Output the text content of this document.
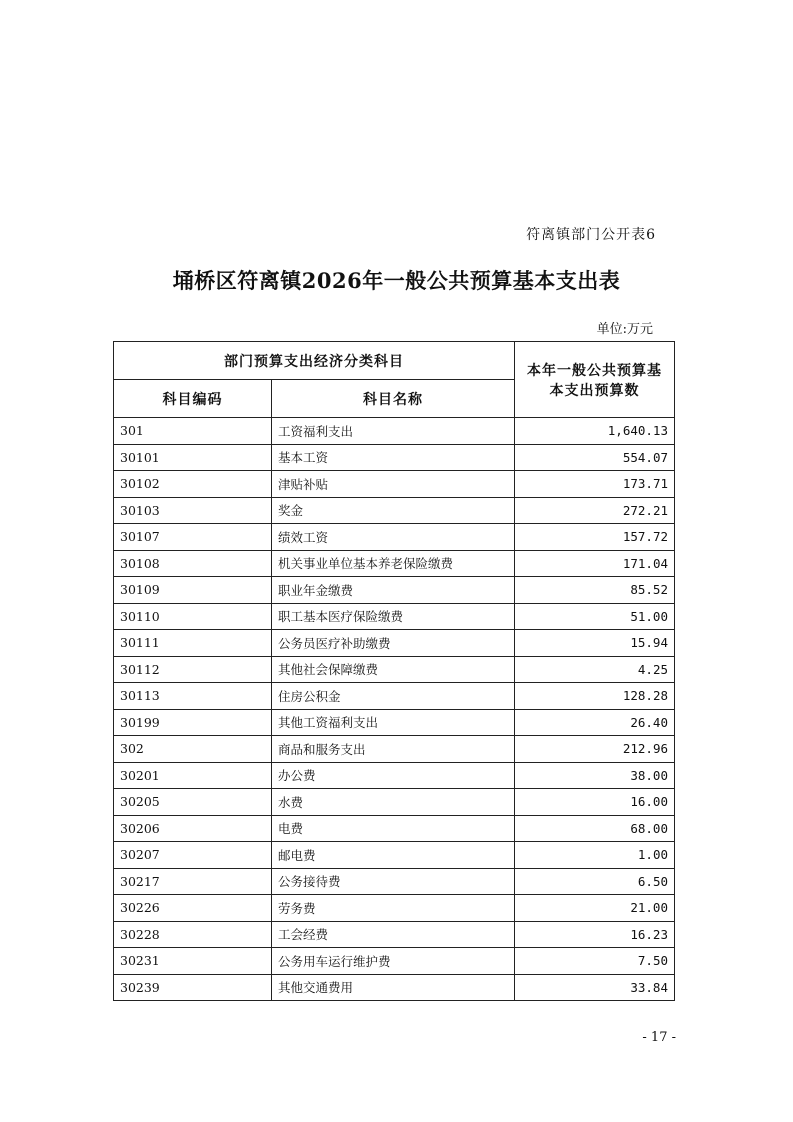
符离镇部门公开表6
埇桥区符离镇2026年一般公共预算基本支出表
单位:万元
部门预算支出经济分类科目		本年一般公共预算基本支出预算数
科目编码	科目名称	
301	工资福利支出	1,640.13
30101	基本工资	554.07
30102	津贴补贴	173.71
30103	奖金	272.21
30107	绩效工资	157.72
30108	机关事业单位基本养老保险缴费	171.04
30109	职业年金缴费	85.52
30110	职工基本医疗保险缴费	51.00
30111	公务员医疗补助缴费	15.94
30112	其他社会保障缴费	4.25
30113	住房公积金	128.28
30199	其他工资福利支出	26.40
302	商品和服务支出	212.96
30201	办公费	38.00
30205	水费	16.00
30206	电费	68.00
30207	邮电费	1.00
30217	公务接待费	6.50
30226	劳务费	21.00
30228	工会经费	16.23
30231	公务用车运行维护费	7.50
30239	其他交通费用	33.84
- 17 -
